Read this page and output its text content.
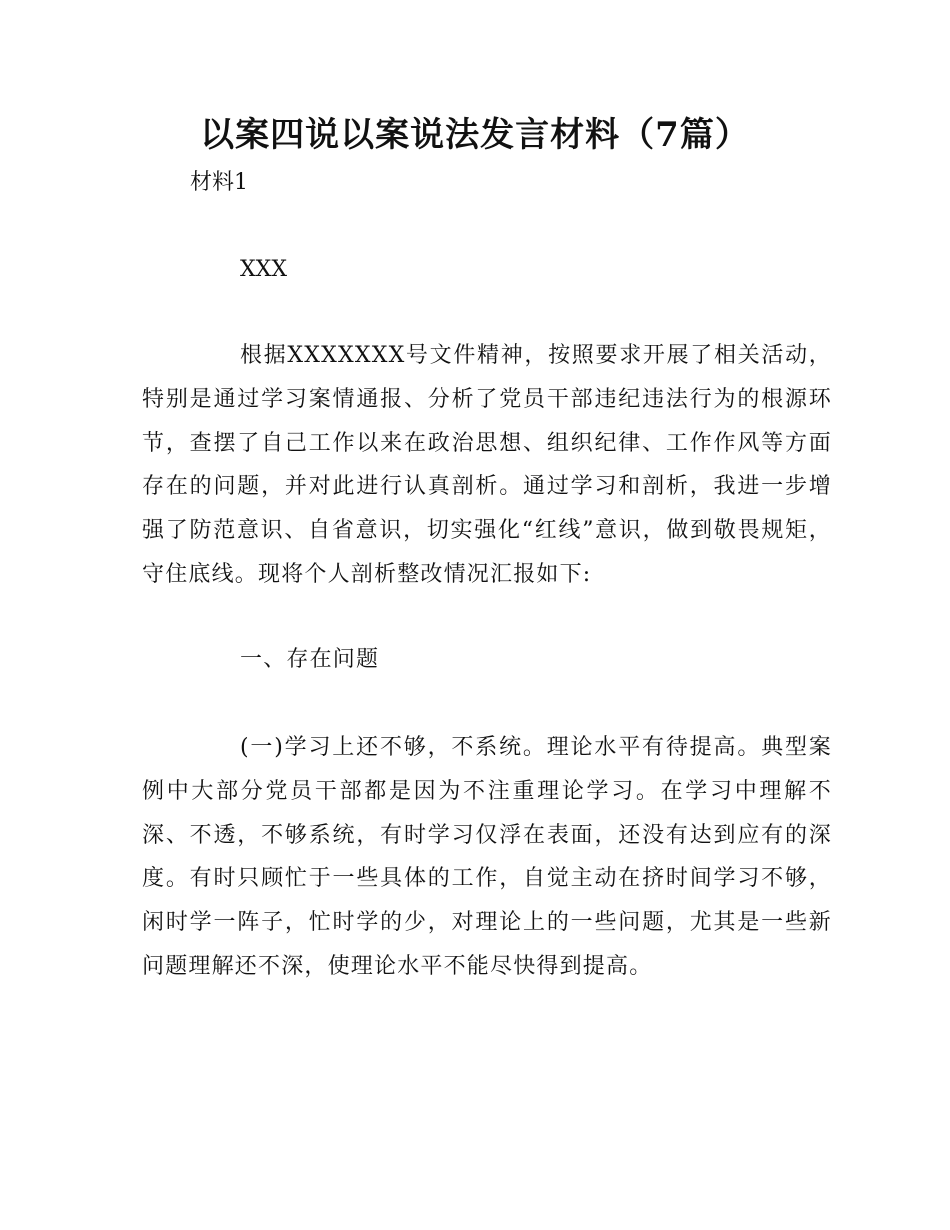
以案四说以案说法发言材料（7篇）

材料1

XXX

根据XXXXXXX号文件精神，按照要求开展了相关活动，特别是通过学习案情通报、分析了党员干部违纪违法行为的根源环节，查摆了自己工作以来在政治思想、组织纪律、工作作风等方面存在的问题，并对此进行认真剖析。通过学习和剖析，我进一步增强了防范意识、自省意识，切实强化“红线”意识，做到敬畏规矩，守住底线。现将个人剖析整改情况汇报如下:

一、存在问题

(一)学习上还不够，不系统。理论水平有待提高。典型案例中大部分党员干部都是因为不注重理论学习。在学习中理解不深、不透，不够系统，有时学习仅浮在表面，还没有达到应有的深度。有时只顾忙于一些具体的工作，自觉主动在挤时间学习不够，闲时学一阵子，忙时学的少，对理论上的一些问题，尤其是一些新问题理解还不深，使理论水平不能尽快得到提高。
